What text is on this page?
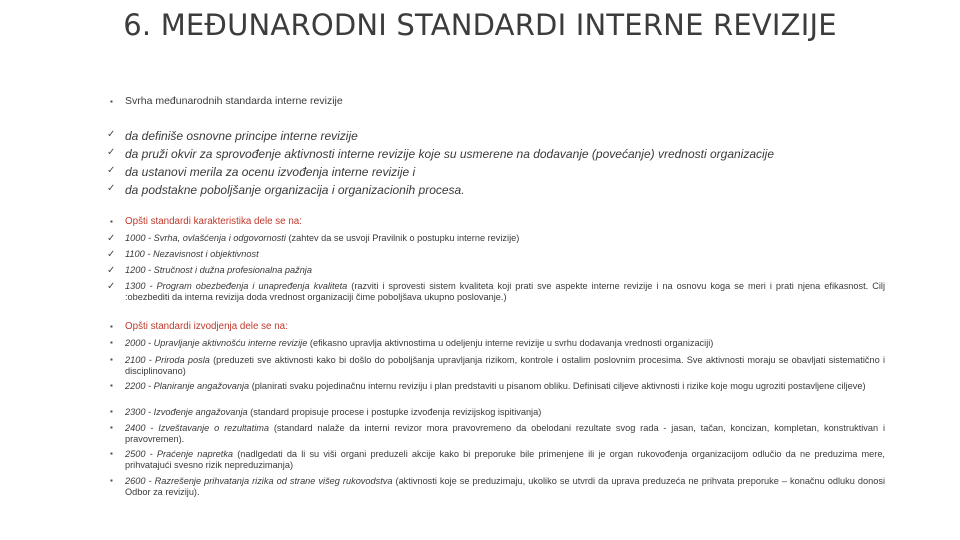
6. MEĐUNARODNI STANDARDI INTERNE REVIZIJE
▪ Svrha međunarodnih standarda interne revizije
✓ da definiše osnovne principe interne revizije
✓ da pruži okvir za sprovođenje aktivnosti interne revizije koje su usmerene na dodavanje (povećanje) vrednosti organizacije
✓ da ustanovi merila za ocenu izvođenja interne revizije i
✓ da podstakne poboljšanje organizacija i organizacionih procesa.
▪ Opšti standardi karakteristika dele se na:
✓ 1000 - Svrha, ovlašćenja i odgovornosti (zahtev da se usvoji Pravilnik o postupku interne revizije)
✓ 1100 - Nezavisnost i objektivnost
✓ 1200 - Stručnost i dužna profesionalna pažnja
✓ 1300 - Program obezbeđenja i unapređenja kvaliteta (razviti i sprovesti sistem kvaliteta koji prati sve aspekte interne revizije i na osnovu koga se meri i prati njena efikasnost. Cilj :obezbediti da interna revizija doda vrednost organizaciji čime poboljšava ukupno poslovanje.)
▪ Opšti standardi izvodjenja dele se na:
▪ 2000 - Upravljanje aktivnošću interne revizije (efikasno upravlja aktivnostima u odeljenju interne revizije u svrhu dodavanja vrednosti organizaciji)
▪ 2100 - Priroda posla (preduzeti sve aktivnosti kako bi došlo do poboljšanja upravljanja rizikom, kontrole i ostalim poslovnim procesima. Sve aktivnosti moraju se obavljati sistematično i disciplinovano)
▪ 2200 - Planiranje angažovanja (planirati svaku pojedinačnu internu reviziju i plan predstaviti u pisanom obliku. Definisati ciljeve aktivnosti i rizike koje mogu ugroziti postavljene ciljeve)
▪ 2300 - Izvođenje angažovanja (standard propisuje procese i postupke izvođenja revizijskog ispitivanja)
▪ 2400 - Izveštavanje o rezultatima (standard nalaže da interni revizor mora pravovremeno da obelodani rezultate svog rada - jasan, tačan, koncizan, kompletan, konstruktivan i pravovremen).
▪ 2500 - Praćenje napretka (nadlgedati da li su viši organi preduzeli akcije kako bi preporuke bile primenjene ili je organ rukovođenja organizacijom odlučio da ne preduzima mere, prihvatajući svesno rizik nepreduzimanja)
▪ 2600 - Razrešenje prihvatanja rizika od strane višeg rukovodstva (aktivnosti koje se preduzimaju, ukoliko se utvrdi da uprava preduzeća ne prihvata preporuke – konačnu odluku donosi Odbor za reviziju).
